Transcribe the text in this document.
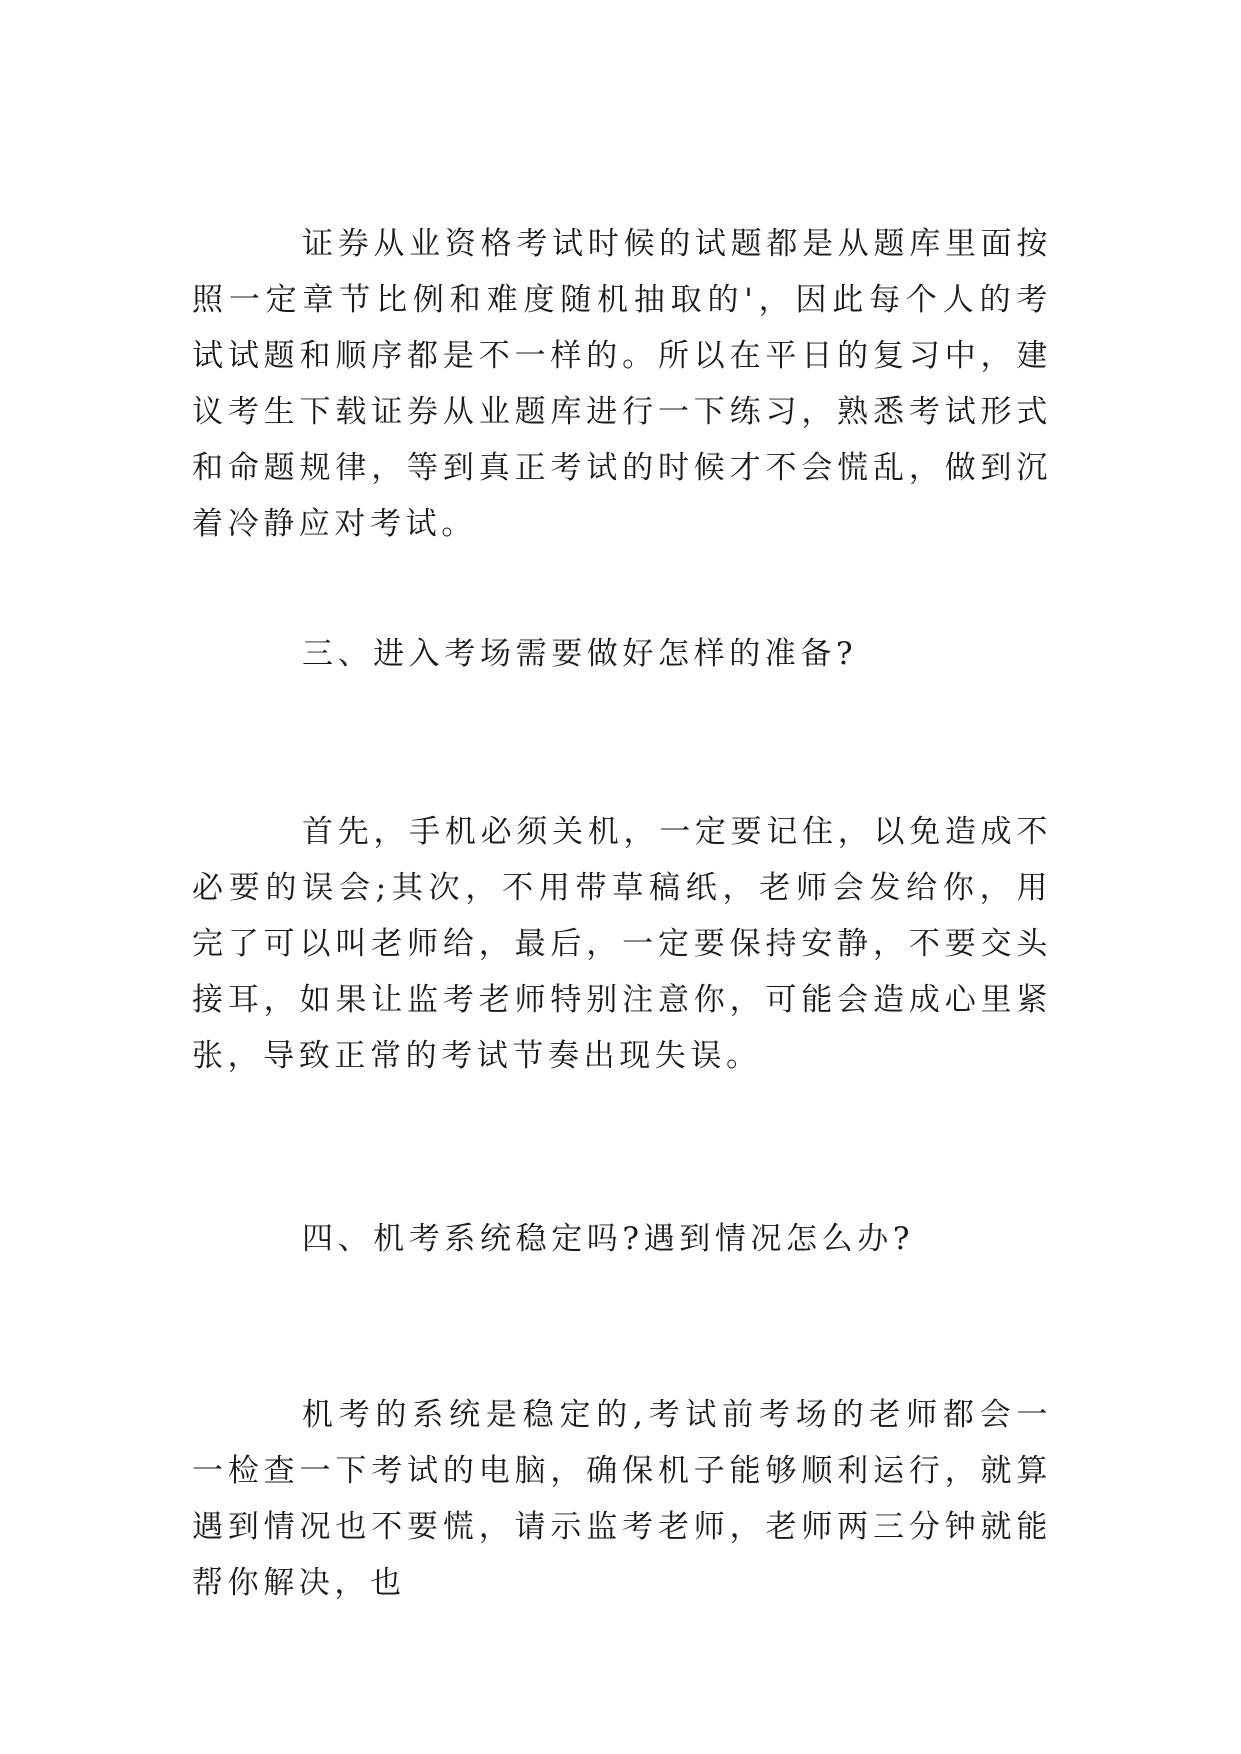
证券从业资格考试时候的试题都是从题库里面按照一定章节比例和难度随机抽取的'，因此每个人的考试试题和顺序都是不一样的。所以在平日的复习中，建议考生下载证券从业题库进行一下练习，熟悉考试形式和命题规律，等到真正考试的时候才不会慌乱，做到沉着冷静应对考试。

三、进入考场需要做好怎样的准备?

首先，手机必须关机，一定要记住，以免造成不必要的误会;其次，不用带草稿纸，老师会发给你，用完了可以叫老师给，最后，一定要保持安静，不要交头接耳，如果让监考老师特别注意你，可能会造成心里紧张，导致正常的考试节奏出现失误。

四、机考系统稳定吗?遇到情况怎么办?

机考的系统是稳定的,考试前考场的老师都会一一检查一下考试的电脑，确保机子能够顺利运行，就算遇到情况也不要慌，请示监考老师，老师两三分钟就能帮你解决，也
